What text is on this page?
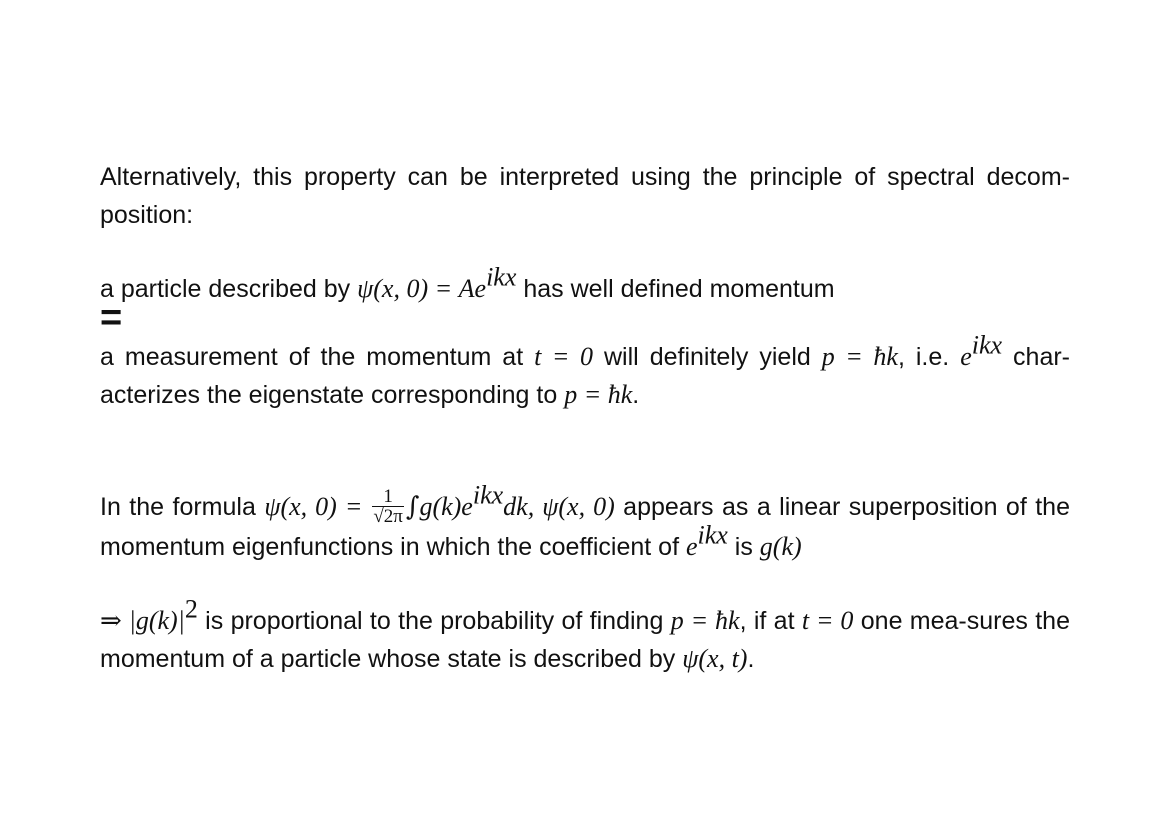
Alternatively, this property can be interpreted using the principle of spectral decom-position:

a particle described by ψ(x, $0) = Ae^{ikx}$ has well defined momentum

=

a measurement of the momentum at t = 0 will definitely yield p = ħk, i.e. $e^{ikx}$ char-acterizes the eigenstate corresponding to p = ħk.

In the formula ψ(x, $0) = \frac{1}{√2\pi} \int g(k)e^{ikx}dk$, ψ(x, 0) appears as a linear superposition of the momentum eigenfunctions in which the coefficient of $e^{ikx}$ is g(k)

⇒ $|g(k)|^2$ is proportional to the probability of finding p = ħk, if at t = 0 one mea-sures the momentum of a particle whose state is described by ψ(x, t).
